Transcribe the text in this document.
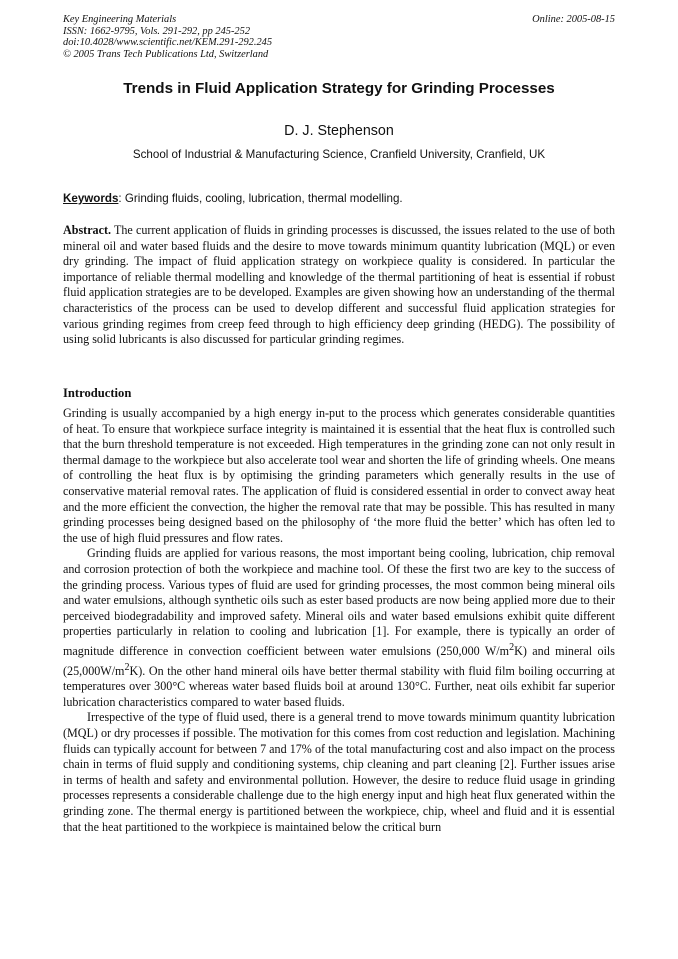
Key Engineering Materials
ISSN: 1662-9795, Vols. 291-292, pp 245-252
doi:10.4028/www.scientific.net/KEM.291-292.245
© 2005 Trans Tech Publications Ltd, Switzerland
Online: 2005-08-15
Trends in Fluid Application Strategy for Grinding Processes
D. J. Stephenson
School of Industrial & Manufacturing Science, Cranfield University, Cranfield, UK
Keywords: Grinding fluids, cooling, lubrication, thermal modelling.
Abstract. The current application of fluids in grinding processes is discussed, the issues related to the use of both mineral oil and water based fluids and the desire to move towards minimum quantity lubrication (MQL) or even dry grinding. The impact of fluid application strategy on workpiece quality is considered. In particular the importance of reliable thermal modelling and knowledge of the thermal partitioning of heat is essential if robust fluid application strategies are to be developed. Examples are given showing how an understanding of the thermal characteristics of the process can be used to develop different and successful fluid application strategies for various grinding regimes from creep feed through to high efficiency deep grinding (HEDG). The possibility of using solid lubricants is also discussed for particular grinding regimes.
Introduction

Grinding is usually accompanied by a high energy in-put to the process which generates considerable quantities of heat. To ensure that workpiece surface integrity is maintained it is essential that the heat flux is controlled such that the burn threshold temperature is not exceeded. High temperatures in the grinding zone can not only result in thermal damage to the workpiece but also accelerate tool wear and shorten the life of grinding wheels. One means of controlling the heat flux is by optimising the grinding parameters which generally results in the use of conservative material removal rates. The application of fluid is considered essential in order to convect away heat and the more efficient the convection, the higher the removal rate that may be possible. This has resulted in many grinding processes being designed based on the philosophy of ‘the more fluid the better’ which has often led to the use of high fluid pressures and flow rates.

Grinding fluids are applied for various reasons, the most important being cooling, lubrication, chip removal and corrosion protection of both the workpiece and machine tool. Of these the first two are key to the success of the grinding process. Various types of fluid are used for grinding processes, the most common being mineral oils and water emulsions, although synthetic oils such as ester based products are now being applied more due to their perceived biodegradability and improved safety. Mineral oils and water based emulsions exhibit quite different properties particularly in relation to cooling and lubrication [1]. For example, there is typically an order of magnitude difference in convection coefficient between water emulsions (250,000 $W/m^2K$) and mineral oils $(25,000W/m^2K)$. On the other hand mineral oils have better thermal stability with fluid film boiling occurring at temperatures over 300°C whereas water based fluids boil at around 130°C. Further, neat oils exhibit far superior lubrication characteristics compared to water based fluids.

Irrespective of the type of fluid used, there is a general trend to move towards minimum quantity lubrication (MQL) or dry processes if possible. The motivation for this comes from cost reduction and legislation. Machining fluids can typically account for between 7 and 17% of the total manufacturing cost and also impact on the process chain in terms of fluid supply and conditioning systems, chip cleaning and part cleaning [2]. Further issues arise in terms of health and safety and environmental pollution. However, the desire to reduce fluid usage in grinding processes represents a considerable challenge due to the high energy input and high heat flux generated within the grinding zone. The thermal energy is partitioned between the workpiece, chip, wheel and fluid and it is essential that the heat partitioned to the workpiece is maintained below the critical burn
